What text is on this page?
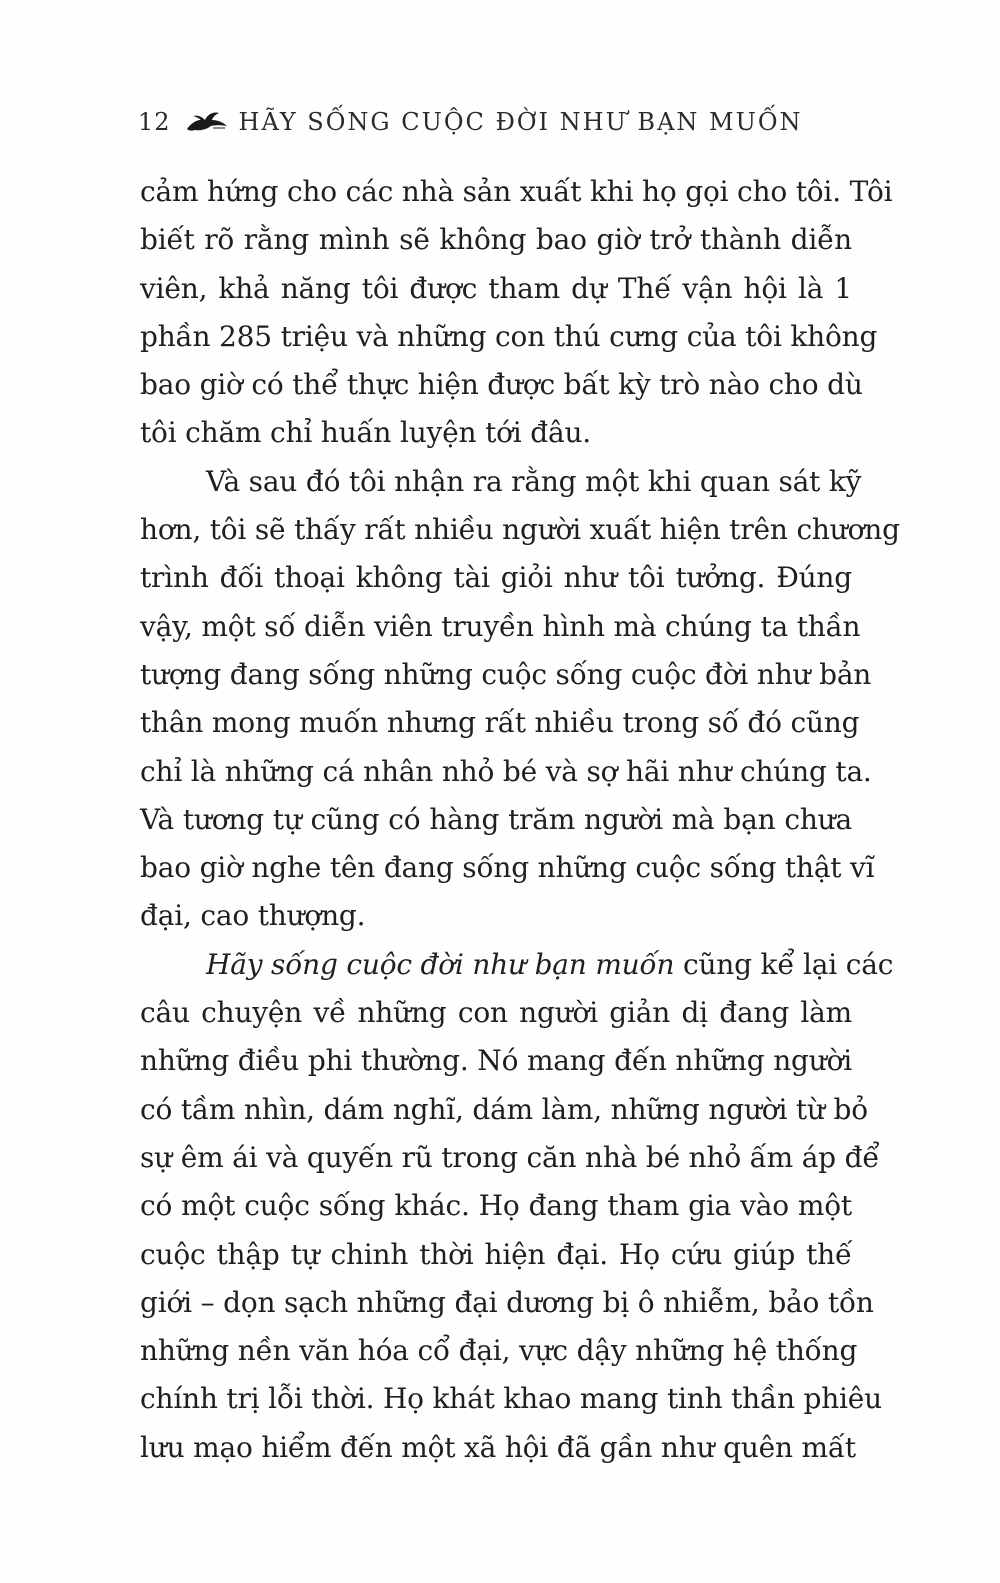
12	HÃY SỐNG CUỘC ĐỜI NHƯ BẠN MUỐN
cảm hứng cho các nhà sản xuất khi họ gọi cho tôi. Tôi
biết rõ rằng mình sẽ không bao giờ trở thành diễn
viên, khả năng tôi được tham dự Thế vận hội là 1
phần 285 triệu và những con thú cưng của tôi không
bao giờ có thể thực hiện được bất kỳ trò nào cho dù
tôi chăm chỉ huấn luyện tới đâu.
Và sau đó tôi nhận ra rằng một khi quan sát kỹ
hơn, tôi sẽ thấy rất nhiều người xuất hiện trên chương
trình đối thoại không tài giỏi như tôi tưởng. Đúng
vậy, một số diễn viên truyền hình mà chúng ta thần
tượng đang sống những cuộc sống cuộc đời như bản
thân mong muốn nhưng rất nhiều trong số đó cũng
chỉ là những cá nhân nhỏ bé và sợ hãi như chúng ta.
Và tương tự cũng có hàng trăm người mà bạn chưa
bao giờ nghe tên đang sống những cuộc sống thật vĩ
đại, cao thượng.
Hãy sống cuộc đời như bạn muốn cũng kể lại các
câu chuyện về những con người giản dị đang làm
những điều phi thường. Nó mang đến những người
có tầm nhìn, dám nghĩ, dám làm, những người từ bỏ
sự êm ái và quyến rũ trong căn nhà bé nhỏ ấm áp để
có một cuộc sống khác. Họ đang tham gia vào một
cuộc thập tự chinh thời hiện đại. Họ cứu giúp thế
giới – dọn sạch những đại dương bị ô nhiễm, bảo tồn
những nền văn hóa cổ đại, vực dậy những hệ thống
chính trị lỗi thời. Họ khát khao mang tinh thần phiêu
lưu mạo hiểm đến một xã hội đã gần như quên mất
